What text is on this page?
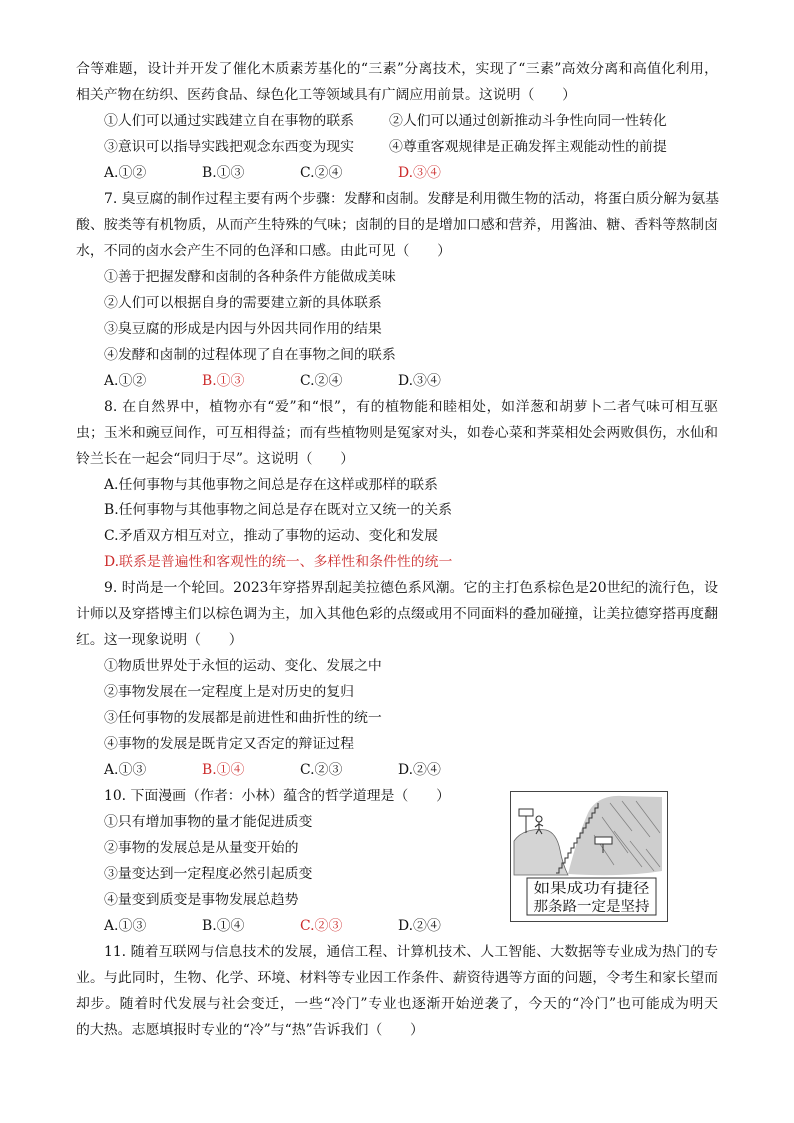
合等难题，设计并开发了催化木质素芳基化的“三素”分离技术，实现了“三素”高效分离和高值化利用，
相关产物在纺织、医药食品、绿色化工等领域具有广阔应用前景。这说明（　　）
①人们可以通过实践建立自在事物的联系	②人们可以通过创新推动斗争性向同一性转化
③意识可以指导实践把观念东西变为现实	④尊重客观规律是正确发挥主观能动性的前提
A.①②	B.①③	C.②④	D.③④
7. 臭豆腐的制作过程主要有两个步骤：发酵和卤制。发酵是利用微生物的活动，将蛋白质分解为氨基
酸、胺类等有机物质，从而产生特殊的气味；卤制的目的是增加口感和营养，用酱油、糖、香料等熬制卤
水，不同的卤水会产生不同的色泽和口感。由此可见（　　）
①善于把握发酵和卤制的各种条件方能做成美味
②人们可以根据自身的需要建立新的具体联系
③臭豆腐的形成是内因与外因共同作用的结果
④发酵和卤制的过程体现了自在事物之间的联系
A.①②	B.①③	C.②④	D.③④
8. 在自然界中，植物亦有“爱”和“恨”，有的植物能和睦相处，如洋葱和胡萝卜二者气味可相互驱
虫；玉米和豌豆间作，可互相得益；而有些植物则是冤家对头，如卷心菜和荠菜相处会两败俱伤，水仙和
铃兰长在一起会“同归于尽”。这说明（　　）
A.任何事物与其他事物之间总是存在这样或那样的联系
B.任何事物与其他事物之间总是存在既对立又统一的关系
C.矛盾双方相互对立，推动了事物的运动、变化和发展
D.联系是普遍性和客观性的统一、多样性和条件性的统一
9. 时尚是一个轮回。2023年穿搭界刮起美拉德色系风潮。它的主打色系棕色是20世纪的流行色，设
计师以及穿搭博主们以棕色调为主，加入其他色彩的点缀或用不同面料的叠加碰撞，让美拉德穿搭再度翻
红。这一现象说明（　　）
①物质世界处于永恒的运动、变化、发展之中
②事物发展在一定程度上是对历史的复归
③任何事物的发展都是前进性和曲折性的统一
④事物的发展是既肯定又否定的辩证过程
A.①③	B.①④	C.②③	D.②④
10. 下面漫画（作者：小林）蕴含的哲学道理是（　　）
①只有增加事物的量才能促进质变
②事物的发展总是从量变开始的
③量变达到一定程度必然引起质变
④量变到质变是事物发展总趋势
A.①③	B.①④	C.②③	D.②④
11. 随着互联网与信息技术的发展，通信工程、计算机技术、人工智能、大数据等专业成为热门的专
业。与此同时，生物、化学、环境、材料等专业因工作条件、薪资待遇等方面的问题，令考生和家长望而
却步。随着时代发展与社会变迁，一些“冷门”专业也逐渐开始逆袭了，今天的“冷门”也可能成为明天
的大热。志愿填报时专业的“冷”与“热”告诉我们（　　）
如果成功有捷径
那条路一定是坚持
